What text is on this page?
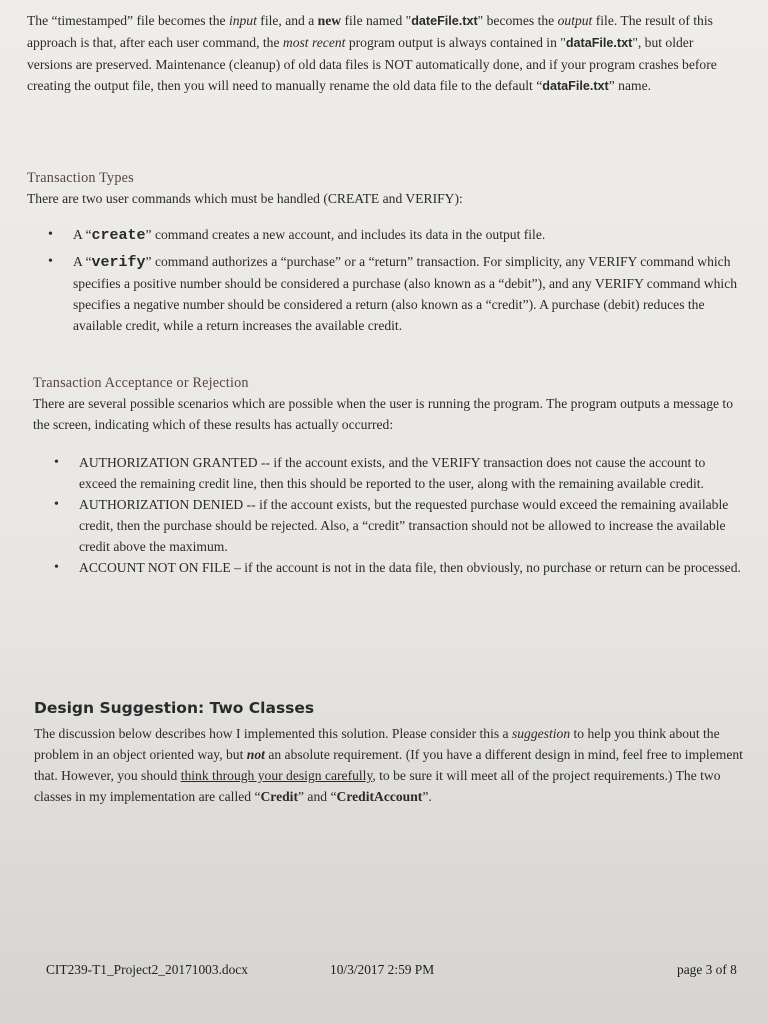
The “timestamped” file becomes the input file, and a new file named "dateFile.txt" becomes the output file. The result of this approach is that, after each user command, the most recent program output is always contained in "dataFile.txt", but older versions are preserved. Maintenance (cleanup) of old data files is NOT automatically done, and if your program crashes before creating the output file, then you will need to manually rename the old data file to the default “dataFile.txt” name.

Transaction Types

There are two user commands which must be handled (CREATE and VERIFY):

• A “create” command creates a new account, and includes its data in the output file.
• A “verify” command authorizes a “purchase” or a “return” transaction. For simplicity, any VERIFY command which specifies a positive number should be considered a purchase (also known as a “debit”), and any VERIFY command which specifies a negative number should be considered a return (also known as a “credit”). A purchase (debit) reduces the available credit, while a return increases the available credit.

Transaction Acceptance or Rejection

There are several possible scenarios which are possible when the user is running the program. The program outputs a message to the screen, indicating which of these results has actually occurred:

• AUTHORIZATION GRANTED -- if the account exists, and the VERIFY transaction does not cause the account to exceed the remaining credit line, then this should be reported to the user, along with the remaining available credit.
• AUTHORIZATION DENIED -- if the account exists, but the requested purchase would exceed the remaining available credit, then the purchase should be rejected. Also, a “credit” transaction should not be allowed to increase the available credit above the maximum.
• ACCOUNT NOT ON FILE – if the account is not in the data file, then obviously, no purchase or return can be processed.

Design Suggestion: Two Classes

The discussion below describes how I implemented this solution. Please consider this a suggestion to help you think about the problem in an object oriented way, but not an absolute requirement. (If you have a different design in mind, feel free to implement that. However, you should think through your design carefully, to be sure it will meet all of the project requirements.) The two classes in my implementation are called “Credit” and “CreditAccount”.

CIT239-T1_Project2_20171003.docx	10/3/2017 2:59 PM	page 3 of 8
